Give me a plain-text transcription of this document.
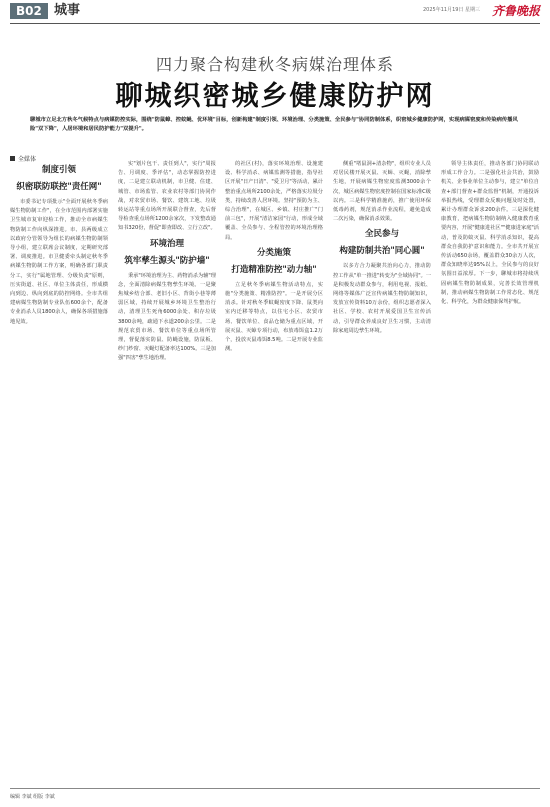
B02 城事	2025年11月19日 星期三 齐鲁晚报
四力聚合构建秋冬病媒治理体系
聊城织密城乡健康防护网
聊城市立足北方秋冬气候特点与病媒防控实际，围绕"防鼠蟑、控蚊蝇、优环境"目标，创新构建"制度引领、环境治理、分类施策、全民参与"协同防制体系，织密城乡健康防护网，实现病媒密度和传染病传播风险"双下降"，人居环境和居民防护能力"双提升"。
全媒体
制度引领
织密联防联控"责任网"

市委书记专项批示"全面开展秋冬季病媒生物防制工作"，在全市范围内部署实施卫生城市复审迎检工作，推动全市病媒生物防制工作向纵深推进。市、县两级成立以政府分管领导为组长的病媒生物防制领导小组，建立联席会议制度，定期研究部署、调度推进。市卫健委牵头制定秋冬季病媒生物防制工作方案，明确各部门职责分工，实行"属地管理、分级负责"原则，压实街道、社区、单位主体责任，形成横向到边、纵向到底的防控网络。全市共组建病媒生物防制专业队伍600余个，配备专业消杀人员1800余人，确保各项措施落地见效。

实"划片包干、责任到人"，实行"周报告、月调度、季评估"，动态掌握防控进度，二是建立联动机制，市卫健、住建、城管、市场监管、农业农村等部门协同作战，对农贸市场、餐饮、建筑工地、垃圾转运站等重点场所开展联合督查，先后督导检查重点场所1200余家次，下发整改通知书320份，督促"即查即改、立行立改"。

环境治理
筑牢孳生源头"防护墙"

秉承"环境治理为主、药物消杀为辅"理念，全面清除病媒生物孳生环境。一是聚焦城乡结合部、老旧小区、背街小巷等薄弱区域，持续开展城乡环境卫生整治行动，清理卫生死角6000余处、积存垃圾3800余吨，疏通下水道200余公里。二是规范农贸市场、餐饮单位等重点场所管理，督促落实防鼠、防蝇设施，防鼠板、纱门纱窗、灭蝇灯配备率达100%。三是加强"四害"孳生地治理。

的社区(村)，落实环境治理、设施建设、科学消杀、病媒监测等措施，指导社区开展"日产日清"、"爱卫月"等活动，累计整治重点场所2100余处，严格落实垃圾分类，持续改善人居环境。坚持"预防为主、综合治理"，在城区、乡镇、村庄推广"门前三包"，开展"清洁家园"行动，形成全域覆盖、全员参与、全程管控的环境治理格局。

分类施策
打造精准防控"动力轴"

立足秋冬季病媒生物活动特点，实施"分类施策、精准防控"。一是开展分区消杀。针对秋冬季蚊蝇密度下降、鼠类向室内迁移等特点，以住宅小区、农贸市场、餐饮单位、食品仓储为重点区域，开展灭鼠、灭蟑专项行动，布放毒饵盒1.2万个，投放灭鼠毒饵8.5吨。二是开展专业监测。

侧重"堵鼠洞+清杂物"，组织专业人员对居民楼开展灭鼠、灭蟑、灭蝇，消除孳生地，开展病媒生物密度监测3000余个次，城区病媒生物密度控制在国家标准C级以内。三是科学精准施药，推广使用环保低毒药剂，规范消杀作业流程，避免造成二次污染，确保消杀效果。

全民参与
构建防制共治"同心圆"

以多方合力凝聚共治向心力，推动防控工作从"单一推进"转变为"全域协同"。一是积极发动群众参与，利用电视、报纸、网络等媒体广泛宣传病媒生物防制知识，发放宣传资料10万余份，组织志愿者深入社区、学校、农村开展爱国卫生宣传活动，引导群众养成良好卫生习惯，主动清除家庭周边孳生环境。

领导主体责任，推动各部门协同联动形成工作合力。二是强化社会共治，鼓励机关、企事业单位主动参与，建立"单位自查+部门督查+群众监督"机制，开通投诉举报热线，受理群众反映问题及时处置，累计办理群众诉求200余件。三是深化健康教育，把病媒生物防制纳入健康教育重要内容，开展"健康进社区""健康进家庭"活动，普及防蚊灭鼠、科学消杀知识，提高群众自我防护意识和能力。全市共开展宣传活动650余场，覆盖群众30余万人次，群众知晓率达95%以上，全民参与的良好氛围日益浓厚。下一步，聊城市将持续巩固病媒生物防制成果，完善长效管理机制，推动病媒生物防制工作常态化、规范化、科学化，为群众健康保驾护航。

编辑 李斌 组版 李斌
